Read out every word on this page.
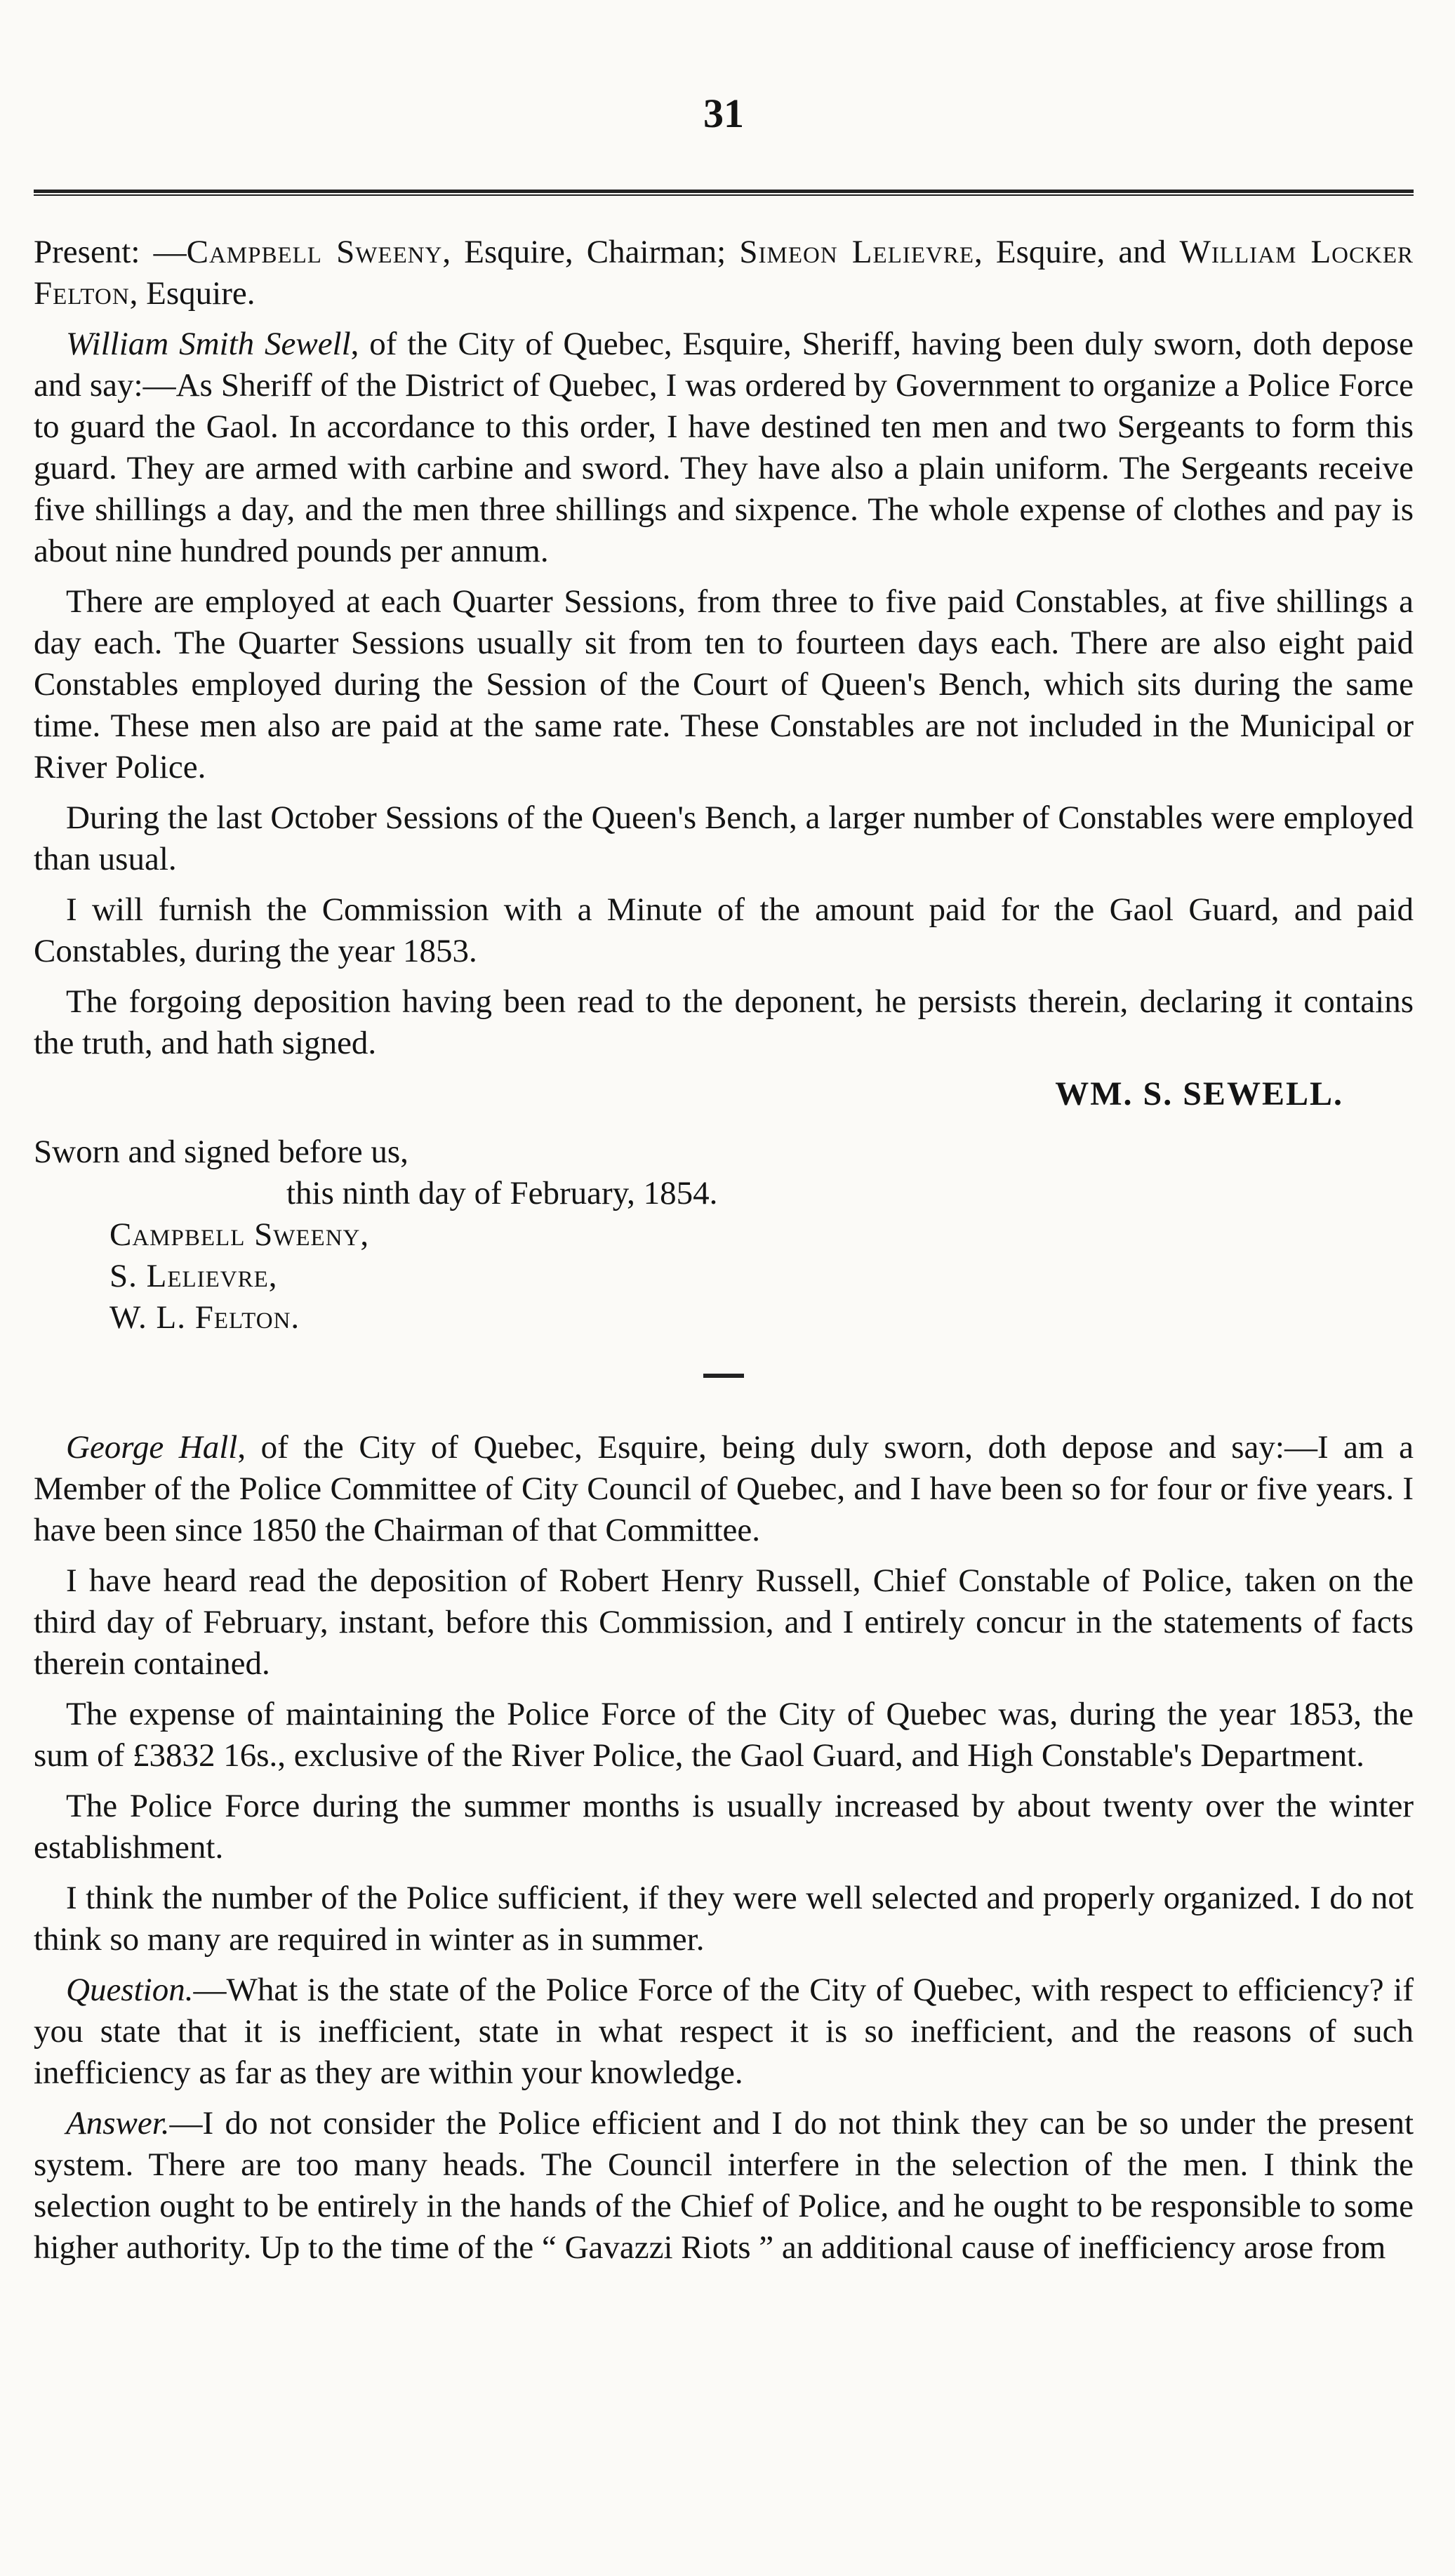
31

Present: —Campbell Sweeny, Esquire, Chairman; Simeon Lelievre, Esquire, and William Locker Felton, Esquire.

William Smith Sewell, of the City of Quebec, Esquire, Sheriff, having been duly sworn, doth depose and say:—As Sheriff of the District of Quebec, I was ordered by Government to organize a Police Force to guard the Gaol. In accordance to this order, I have destined ten men and two Sergeants to form this guard. They are armed with carbine and sword. They have also a plain uniform. The Sergeants receive five shillings a day, and the men three shillings and sixpence. The whole expense of clothes and pay is about nine hundred pounds per annum.

There are employed at each Quarter Sessions, from three to five paid Constables, at five shillings a day each. The Quarter Sessions usually sit from ten to fourteen days each. There are also eight paid Constables employed during the Session of the Court of Queen's Bench, which sits during the same time. These men also are paid at the same rate. These Constables are not included in the Municipal or River Police.

During the last October Sessions of the Queen's Bench, a larger number of Constables were employed than usual.

I will furnish the Commission with a Minute of the amount paid for the Gaol Guard, and paid Constables, during the year 1853.

The forgoing deposition having been read to the deponent, he persists therein, declaring it contains the truth, and hath signed.

WM. S. SEWELL.

Sworn and signed before us,

this ninth day of February, 1854.

Campbell Sweeny,

S. Lelievre,

W. L. Felton.

George Hall, of the City of Quebec, Esquire, being duly sworn, doth depose and say:—I am a Member of the Police Committee of City Council of Quebec, and I have been so for four or five years. I have been since 1850 the Chairman of that Committee.

I have heard read the deposition of Robert Henry Russell, Chief Constable of Police, taken on the third day of February, instant, before this Commission, and I entirely concur in the statements of facts therein contained.

The expense of maintaining the Police Force of the City of Quebec was, during the year 1853, the sum of £3832 16s., exclusive of the River Police, the Gaol Guard, and High Constable's Department.

The Police Force during the summer months is usually increased by about twenty over the winter establishment.

I think the number of the Police sufficient, if they were well selected and properly organized. I do not think so many are required in winter as in summer.

Question.—What is the state of the Police Force of the City of Quebec, with respect to efficiency? if you state that it is inefficient, state in what respect it is so inefficient, and the reasons of such inefficiency as far as they are within your knowledge.

Answer.—I do not consider the Police efficient and I do not think they can be so under the present system. There are too many heads. The Council interfere in the selection of the men. I think the selection ought to be entirely in the hands of the Chief of Police, and he ought to be responsible to some higher authority. Up to the time of the “ Gavazzi Riots ” an additional cause of inefficiency arose from
